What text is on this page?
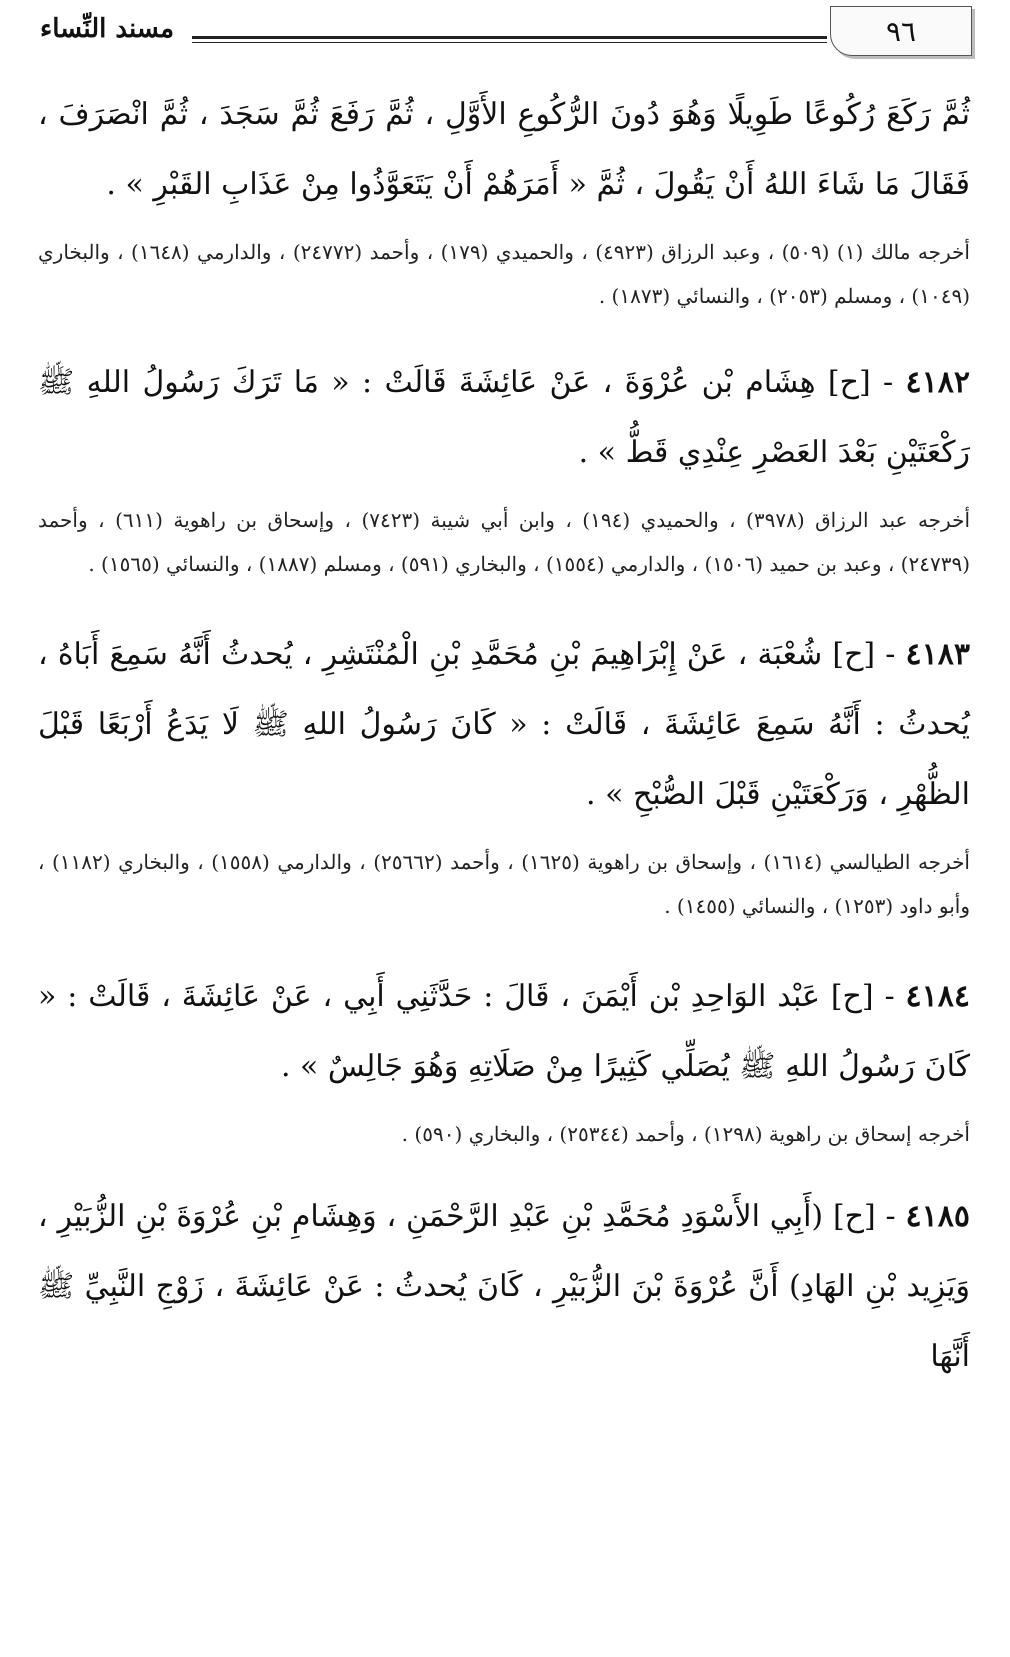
٩٦
مسند النِّساء

ثُمَّ رَكَعَ رُكُوعًا طَوِيلًا وَهُوَ دُونَ الرُّكُوعِ الأَوَّلِ ، ثُمَّ رَفَعَ ثُمَّ سَجَدَ ، ثُمَّ انْصَرَفَ ، فَقَالَ مَا شَاءَ اللهُ أَنْ يَقُولَ ، ثُمَّ « أَمَرَهُمْ أَنْ يَتَعَوَّذُوا مِنْ عَذَابِ القَبْرِ » .

أخرجه مالك (١) (٥٠٩) ، وعبد الرزاق (٤٩٢٣) ، والحميدي (١٧٩) ، وأحمد (٢٤٧٧٢) ، والدارمي (١٦٤٨) ، والبخاري (١٠٤٩) ، ومسلم (٢٠٥٣) ، والنسائي (١٨٧٣) .

٤١٨٢ - [ح] هِشَام بْن عُرْوَةَ ، عَنْ عَائِشَةَ قَالَتْ : « مَا تَرَكَ رَسُولُ اللهِ ﷺ رَكْعَتَيْنِ بَعْدَ العَصْرِ عِنْدِي قَطُّ » .

أخرجه عبد الرزاق (٣٩٧٨) ، والحميدي (١٩٤) ، وابن أبي شيبة (٧٤٢٣) ، وإسحاق بن راهوية (٦١١) ، وأحمد (٢٤٧٣٩) ، وعبد بن حميد (١٥٠٦) ، والدارمي (١٥٥٤) ، والبخاري (٥٩١) ، ومسلم (١٨٨٧) ، والنسائي (١٥٦٥) .

٤١٨٣ - [ح] شُعْبَة ، عَنْ إِبْرَاهِيمَ بْنِ مُحَمَّدِ بْنِ الْمُنْتَشِرِ ، يُحدثُ أَنَّهُ سَمِعَ أَبَاهُ ، يُحدثُ : أَنَّهُ سَمِعَ عَائِشَةَ ، قَالَتْ : « كَانَ رَسُولُ اللهِ ﷺ لَا يَدَعُ أَرْبَعًا قَبْلَ الظُّهْرِ ، وَرَكْعَتَيْنِ قَبْلَ الصُّبْحِ » .

أخرجه الطيالسي (١٦١٤) ، وإسحاق بن راهوية (١٦٢٥) ، وأحمد (٢٥٦٦٢) ، والدارمي (١٥٥٨) ، والبخاري (١١٨٢) ، وأبو داود (١٢٥٣) ، والنسائي (١٤٥٥) .

٤١٨٤ - [ح] عَبْد الوَاحِدِ بْن أَيْمَنَ ، قَالَ : حَدَّثَنِي أَبِي ، عَنْ عَائِشَةَ ، قَالَتْ : « كَانَ رَسُولُ اللهِ ﷺ يُصَلِّي كَثِيرًا مِنْ صَلَاتِهِ وَهُوَ جَالِسٌ » .

أخرجه إسحاق بن راهوية (١٢٩٨) ، وأحمد (٢٥٣٤٤) ، والبخاري (٥٩٠) .

٤١٨٥ - [ح] (أَبِي الأَسْوَدِ مُحَمَّدِ بْنِ عَبْدِ الرَّحْمَنِ ، وَهِشَامِ بْنِ عُرْوَةَ بْنِ الزُّبَيْرِ ، وَيَزِيد بْنِ الهَادِ) أَنَّ عُرْوَةَ بْنَ الزُّبَيْرِ ، كَانَ يُحدثُ : عَنْ عَائِشَةَ ، زَوْجِ النَّبِيِّ ﷺ أَنَّهَا
